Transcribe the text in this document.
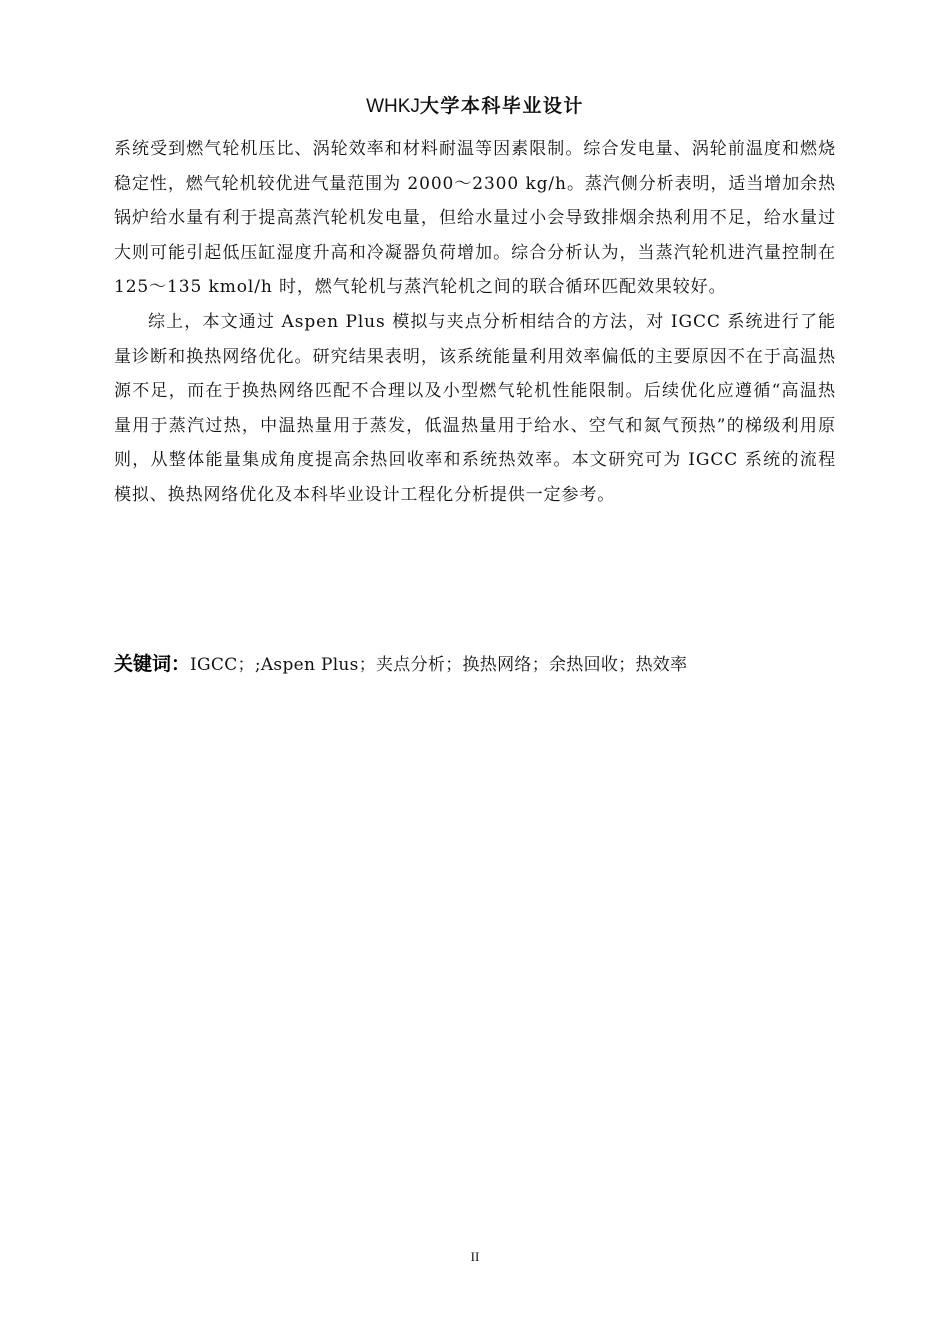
WHKJ大学本科毕业设计

系统受到燃气轮机压比、涡轮效率和材料耐温等因素限制。综合发电量、涡轮前温度和燃烧稳定性，燃气轮机较优进气量范围为 2000～2300 kg/h。蒸汽侧分析表明，适当增加余热锅炉给水量有利于提高蒸汽轮机发电量，但给水量过小会导致排烟余热利用不足，给水量过大则可能引起低压缸湿度升高和冷凝器负荷增加。综合分析认为，当蒸汽轮机进汽量控制在 125～135 kmol/h 时，燃气轮机与蒸汽轮机之间的联合循环匹配效果较好。

综上，本文通过 Aspen Plus 模拟与夹点分析相结合的方法，对 IGCC 系统进行了能量诊断和换热网络优化。研究结果表明，该系统能量利用效率偏低的主要原因不在于高温热源不足，而在于换热网络匹配不合理以及小型燃气轮机性能限制。后续优化应遵循“高温热量用于蒸汽过热，中温热量用于蒸发，低温热量用于给水、空气和氮气预热”的梯级利用原则，从整体能量集成角度提高余热回收率和系统热效率。本文研究可为 IGCC 系统的流程模拟、换热网络优化及本科毕业设计工程化分析提供一定参考。

关键词：IGCC；;Aspen Plus；夹点分析；换热网络；余热回收；热效率
II
